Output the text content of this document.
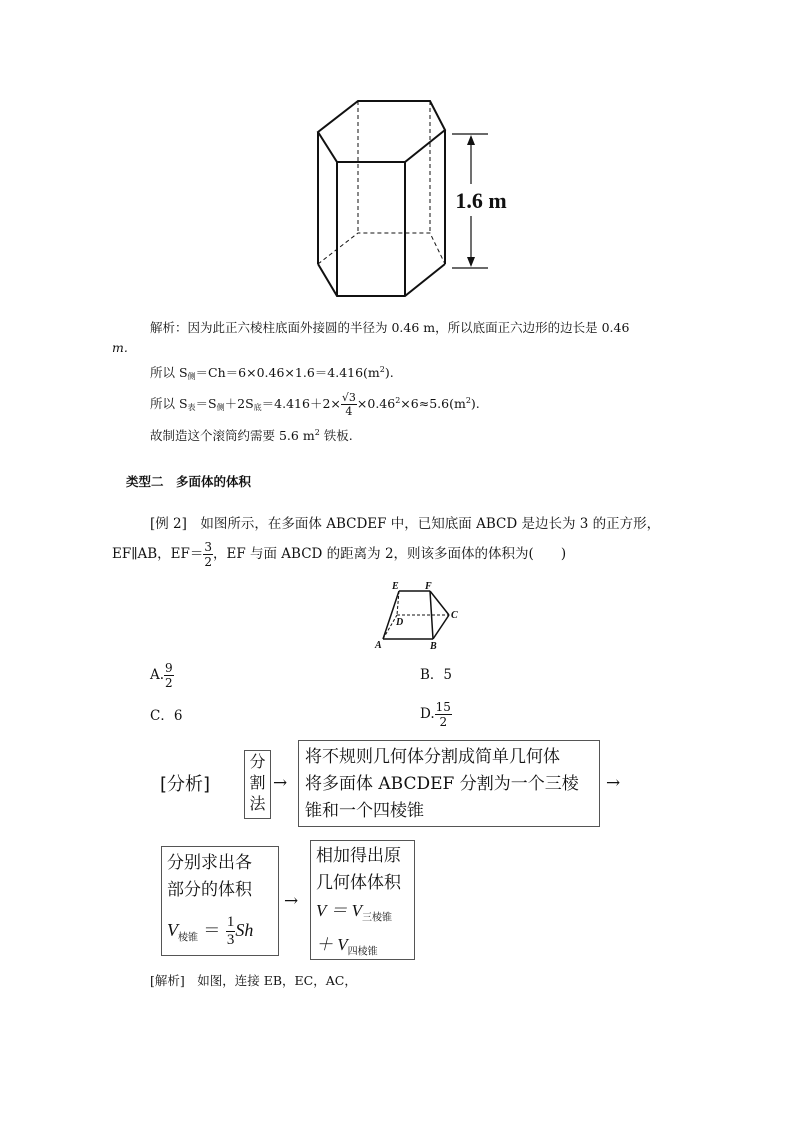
1.6 m
解析：因为此正六棱柱底面外接圆的半径为 0.46 m，所以底面正六边形的边长是 0.46
m.
所以 $S_侧=Ch=6\times 0.46\times 1.6=4.416(m^2)$.
所以 $S_表=S_侧+2S_底=4.416+2\times \frac{√3}{4} \times 0.46^2\times 6\approx 5.6(m^2)$.
故制造这个滚筒约需要 5.6 $m^2$ 铁板.
类型二　多面体的体积
[例 2]　如图所示，在多面体 ABCDEF 中，已知底面 ABCD 是边长为 3 的正方形，
EF∥AB，$EF= \frac{3}{2}$ ，EF 与面 ABCD 的距离为 2，则该多面体的体积为(　　)
E	F
C
D
A	B
A. $\frac{9}{2}$	B．5
C．6	D. $\frac{15}{2}$
[分析]
分
割
法
→
将不规则几何体分割成简单几何体
将多面体 ABCDEF 分割为一个三棱
锥和一个四棱锥
→
分别求出各
部分的体积
$V_{棱锥} = \frac{1}{3}$ Sh
→
相加得出原
几何体体积
$V = V_{三棱锥}$
＋ $V_{四棱锥}$
[解析]　如图，连接 EB，EC，AC，
